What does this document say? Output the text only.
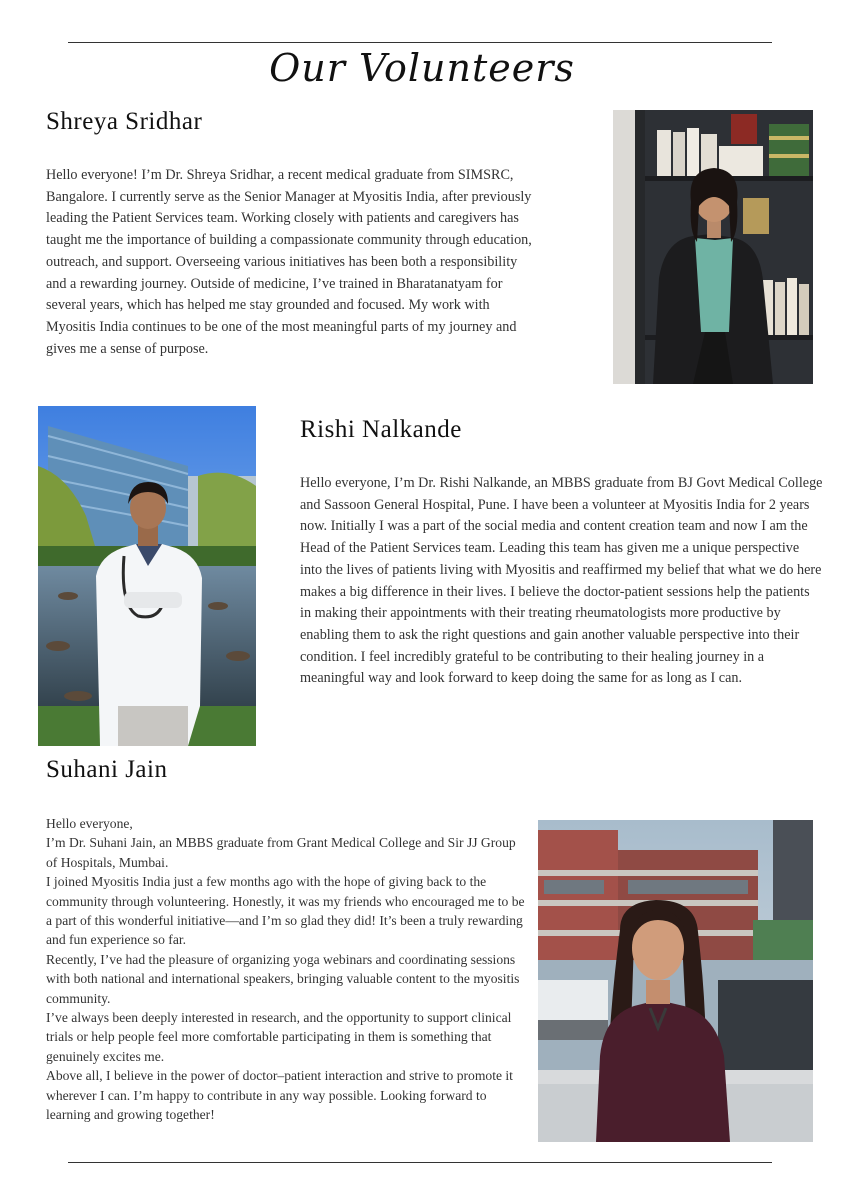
Our Volunteers
Shreya Sridhar
Hello everyone! I’m Dr. Shreya Sridhar, a recent medical graduate from SIMSRC, Bangalore. I currently serve as the Senior Manager at Myositis India, after previously leading the Patient Services team. Working closely with patients and caregivers has taught me the importance of building a compassionate community through education, outreach, and support. Overseeing various initiatives has been both a responsibility and a rewarding journey. Outside of medicine, I’ve trained in Bharatanatyam for several years, which has helped me stay grounded and focused. My work with Myositis India continues to be one of the most meaningful parts of my journey and gives me a sense of purpose.
Rishi Nalkande
Hello everyone, I’m Dr. Rishi Nalkande, an MBBS graduate from BJ Govt Medical College and Sassoon General Hospital, Pune. I have been a volunteer at Myositis India for 2 years now. Initially I was a part of the social media and content creation team and now I am the Head of the Patient Services team. Leading this team has given me a unique perspective into the lives of patients living with Myositis and reaffirmed my belief that what we do here makes a big difference in their lives. I believe the doctor-patient sessions help the patients in making their appointments with their treating rheumatologists more productive by enabling them to ask the right questions and gain another valuable perspective into their condition. I feel incredibly grateful to be contributing to their healing journey in a meaningful way and look forward to keep doing the same for as long as I can.
Suhani Jain

Hello everyone,

I’m Dr. Suhani Jain, an MBBS graduate from Grant Medical College and Sir JJ Group of Hospitals, Mumbai.

I joined Myositis India just a few months ago with the hope of giving back to the community through volunteering. Honestly, it was my friends who encouraged me to be a part of this wonderful initiative—and I’m so glad they did! It’s been a truly rewarding and fun experience so far.

Recently, I’ve had the pleasure of organizing yoga webinars and coordinating sessions with both national and international speakers, bringing valuable content to the myositis community.

I’ve always been deeply interested in research, and the opportunity to support clinical trials or help people feel more comfortable participating in them is something that genuinely excites me.

Above all, I believe in the power of doctor–patient interaction and strive to promote it wherever I can. I’m happy to contribute in any way possible. Looking forward to learning and growing together!
